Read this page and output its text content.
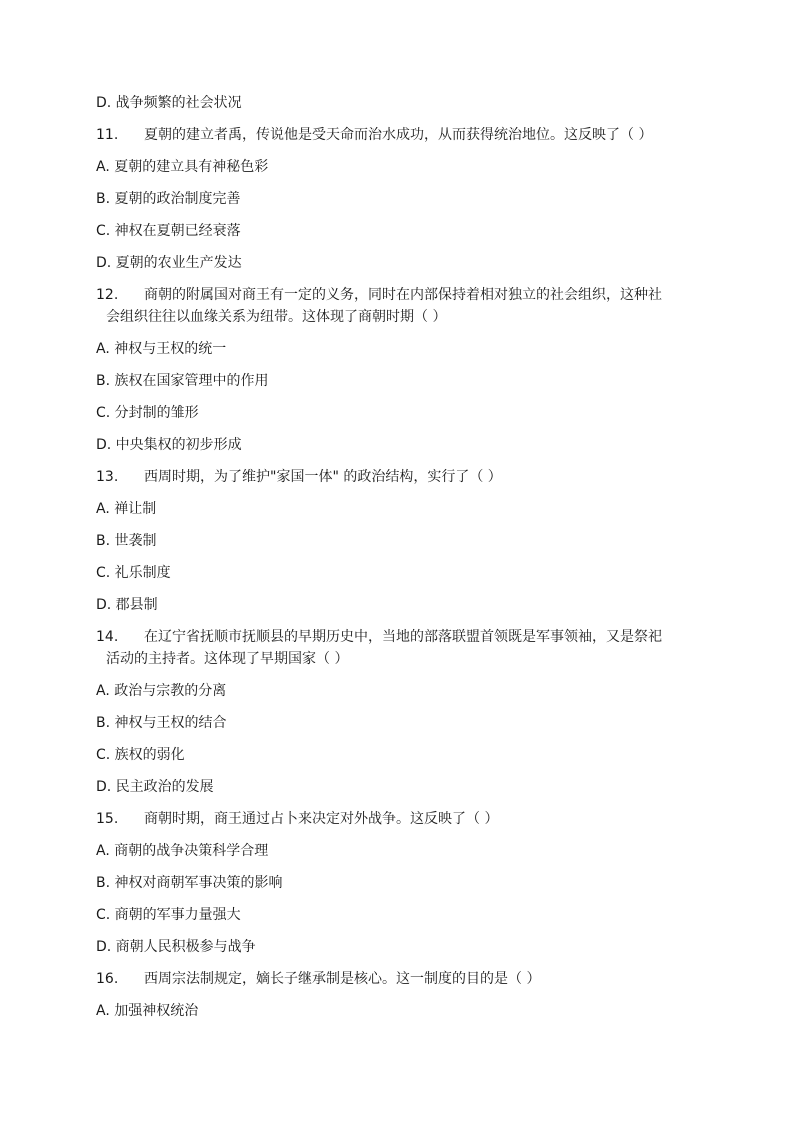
D. 战争频繁的社会状况
11. 夏朝的建立者禹，传说他是受天命而治水成功，从而获得统治地位。这反映了（ ）
A. 夏朝的建立具有神秘色彩
B. 夏朝的政治制度完善
C. 神权在夏朝已经衰落
D. 夏朝的农业生产发达
12. 商朝的附属国对商王有一定的义务，同时在内部保持着相对独立的社会组织，这种社
会组织往往以血缘关系为纽带。这体现了商朝时期（ ）
A. 神权与王权的统一
B. 族权在国家管理中的作用
C. 分封制的雏形
D. 中央集权的初步形成
13. 西周时期，为了维护"家国一体" 的政治结构，实行了（ ）
A. 禅让制
B. 世袭制
C. 礼乐制度
D. 郡县制
14. 在辽宁省抚顺市抚顺县的早期历史中，当地的部落联盟首领既是军事领袖，又是祭祀
活动的主持者。这体现了早期国家（ ）
A. 政治与宗教的分离
B. 神权与王权的结合
C. 族权的弱化
D. 民主政治的发展
15. 商朝时期，商王通过占卜来决定对外战争。这反映了（ ）
A. 商朝的战争决策科学合理
B. 神权对商朝军事决策的影响
C. 商朝的军事力量强大
D. 商朝人民积极参与战争
16. 西周宗法制规定，嫡长子继承制是核心。这一制度的目的是（ ）
A. 加强神权统治
